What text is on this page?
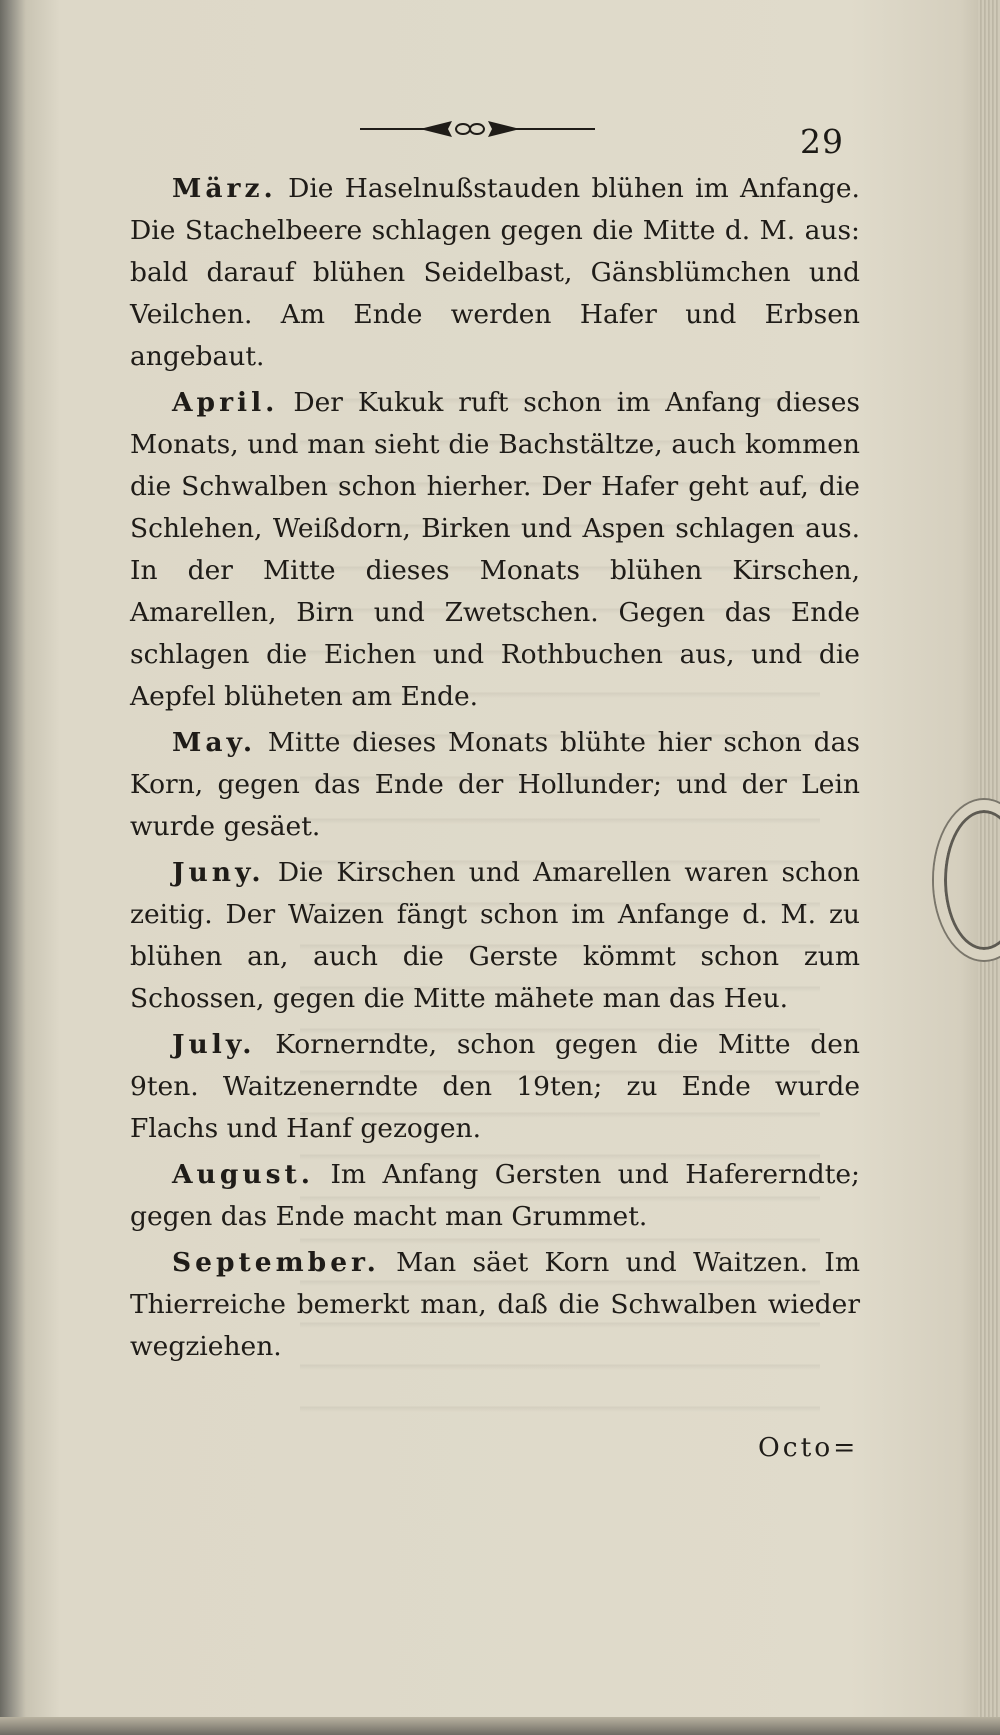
29

März. Die Haselnußstauden blühen im Anfange. Die Stachelbeere schlagen gegen die Mitte d. M. aus: bald darauf blühen Seidelbast, Gänsblümchen und Veilchen. Am Ende werden Hafer und Erbsen angebaut.

April. Der Kukuk ruft schon im Anfang dieses Monats, und man sieht die Bachstältze, auch kommen die Schwalben schon hierher. Der Hafer geht auf, die Schlehen, Weißdorn, Birken und Aspen schlagen aus. In der Mitte dieses Monats blühen Kirschen, Amarellen, Birn und Zwetschen. Gegen das Ende schlagen die Eichen und Rothbuchen aus, und die Aepfel blüheten am Ende.

May. Mitte dieses Monats blühte hier schon das Korn, gegen das Ende der Hollunder; und der Lein wurde gesäet.

Juny. Die Kirschen und Amarellen waren schon zeitig. Der Waizen fängt schon im Anfange d. M. zu blühen an, auch die Gerste kömmt schon zum Schossen, gegen die Mitte mähete man das Heu.

July. Kornerndte, schon gegen die Mitte den 9ten. Waitzenerndte den 19ten; zu Ende wurde Flachs und Hanf gezogen.

August. Im Anfang Gersten und Hafererndte; gegen das Ende macht man Grummet.

September. Man säet Korn und Waitzen. Im Thierreiche bemerkt man, daß die Schwalben wieder wegziehen.

Octo=
